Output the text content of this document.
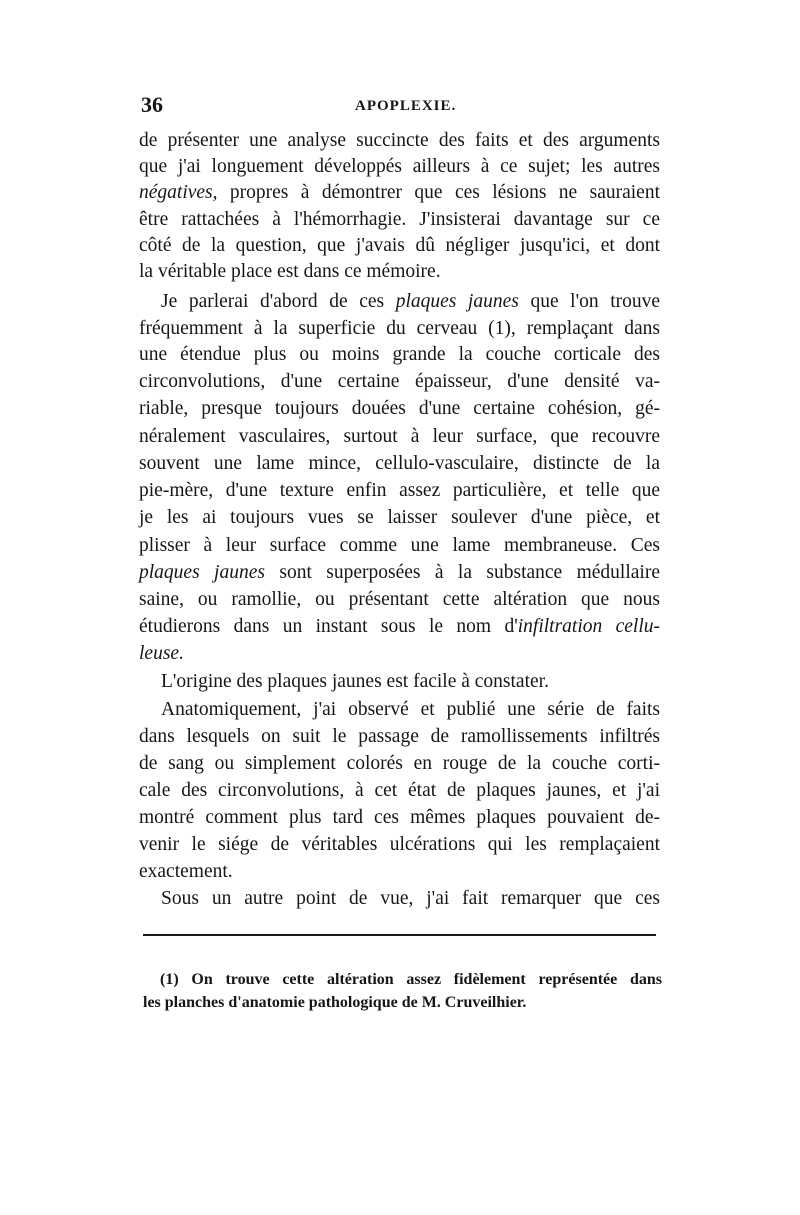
36	APOPLEXIE.
de présenter une analyse succincte des faits et des arguments
que j'ai longuement développés ailleurs à ce sujet; les autres
négatives, propres à démontrer que ces lésions ne sauraient
être rattachées à l'hémorrhagie. J'insisterai davantage sur ce
côté de la question, que j'avais dû négliger jusqu'ici, et dont
la véritable place est dans ce mémoire.
Je parlerai d'abord de ces plaques jaunes que l'on trouve
fréquemment à la superficie du cerveau (1), remplaçant dans
une étendue plus ou moins grande la couche corticale des
circonvolutions, d'une certaine épaisseur, d'une densité va-
riable, presque toujours douées d'une certaine cohésion, gé-
néralement vasculaires, surtout à leur surface, que recouvre
souvent une lame mince, cellulo-vasculaire, distincte de la
pie-mère, d'une texture enfin assez particulière, et telle que
je les ai toujours vues se laisser soulever d'une pièce, et
plisser à leur surface comme une lame membraneuse. Ces
plaques jaunes sont superposées à la substance médullaire
saine, ou ramollie, ou présentant cette altération que nous
étudierons dans un instant sous le nom d'infiltration cellu-
leuse.
L'origine des plaques jaunes est facile à constater.
Anatomiquement, j'ai observé et publié une série de faits
dans lesquels on suit le passage de ramollissements infiltrés
de sang ou simplement colorés en rouge de la couche corti-
cale des circonvolutions, à cet état de plaques jaunes, et j'ai
montré comment plus tard ces mêmes plaques pouvaient de-
venir le siége de véritables ulcérations qui les remplaçaient
exactement.
Sous un autre point de vue, j'ai fait remarquer que ces
(1) On trouve cette altération assez fidèlement représentée dans
les planches d'anatomie pathologique de M. Cruveilhier.
